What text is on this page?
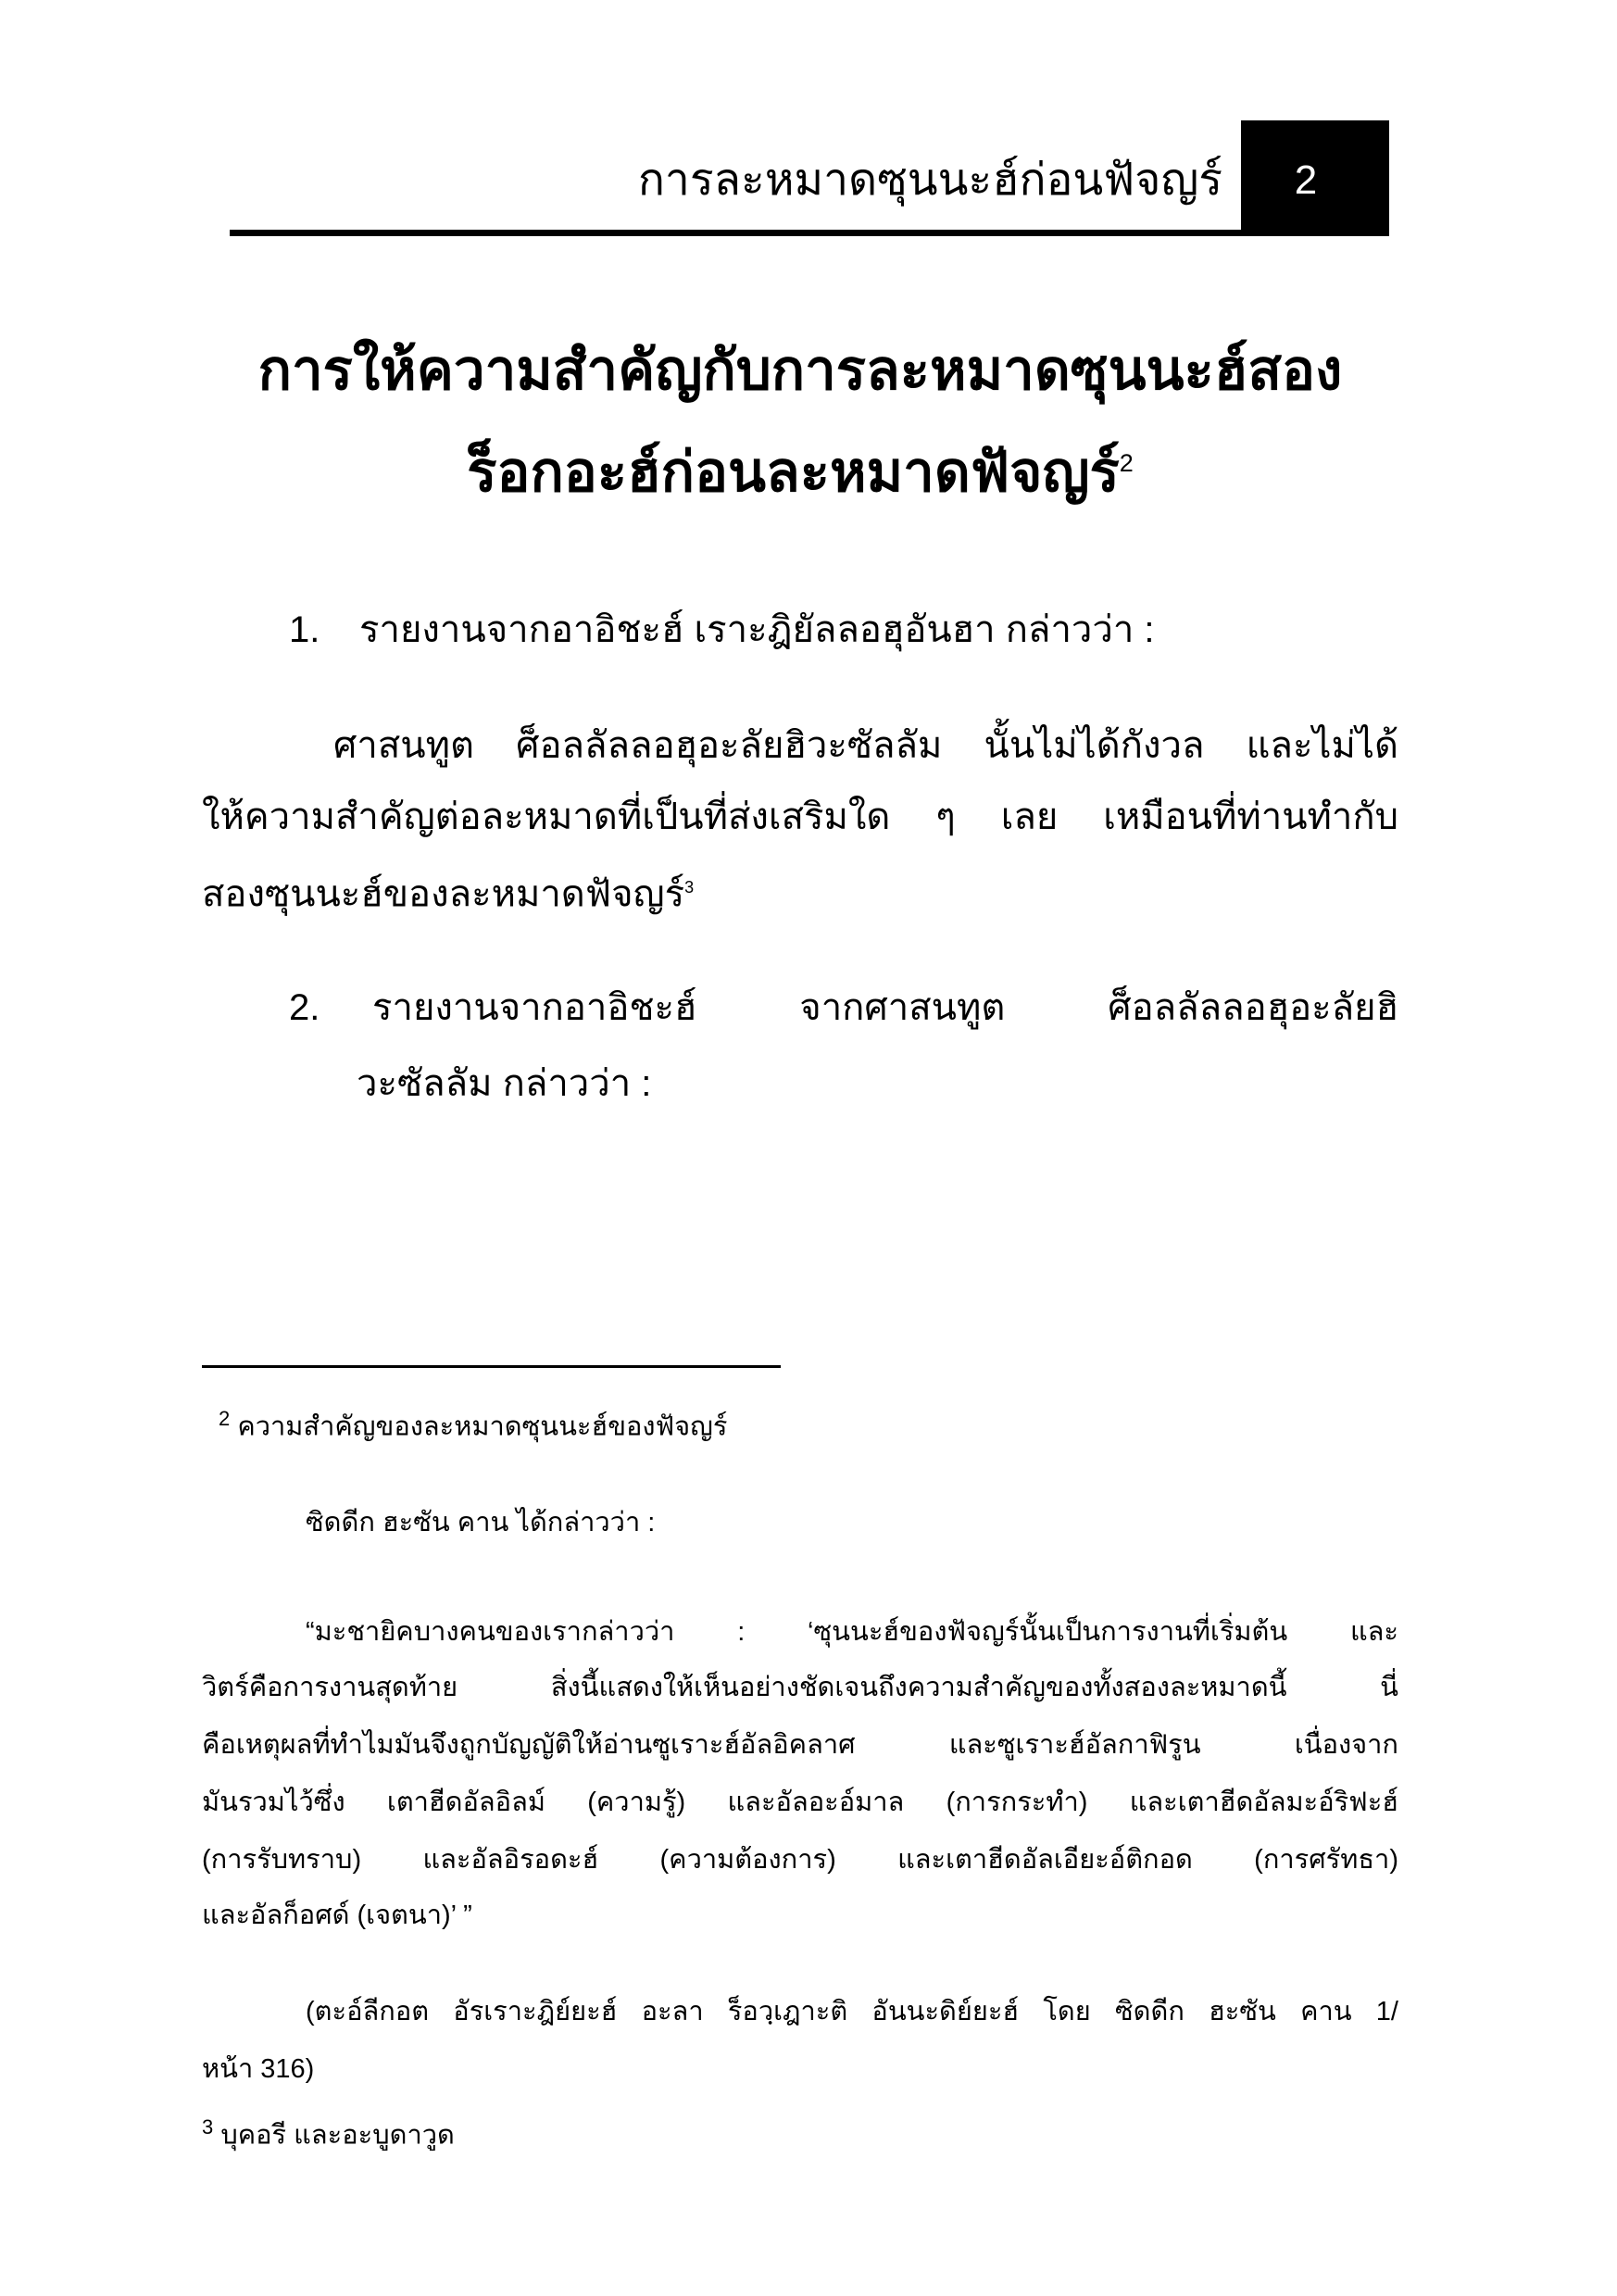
การละหมาดซุนนะฮ์ก่อนฟัจญร์	2
การให้ความสำคัญกับการละหมาดซุนนะฮ์สอง
ร็อกอะฮ์ก่อนละหมาดฟัจญร์$^2$
1. รายงานจากอาอิชะฮ์ เราะฎิยัลลอฮุอันฮา กล่าวว่า :
ศาสนทูต ศ็อลลัลลอฮุอะลัยฮิวะซัลลัม นั้นไม่ได้กังวล และไม่ได้
ให้ความสำคัญต่อละหมาดที่เป็นที่ส่งเสริมใด ๆ เลย เหมือนที่ท่านทำกับ
สองซุนนะฮ์ของละหมาดฟัจญร์$^3$
2. รายงานจากอาอิชะฮ์ จากศาสนทูต ศ็อลลัลลอฮุอะลัยฮิ
วะซัลลัม กล่าวว่า :
$^2$ ความสำคัญของละหมาดซุนนะฮ์ของฟัจญร์
ซิดดีก ฮะซัน คาน ได้กล่าวว่า :
“มะชายิคบางคนของเรากล่าวว่า : ‘ซุนนะฮ์ของฟัจญร์นั้นเป็นการงานที่เริ่มต้น และ
วิตร์คือการงานสุดท้าย สิ่งนี้แสดงให้เห็นอย่างชัดเจนถึงความสำคัญของทั้งสองละหมาดนี้ นี่
คือเหตุผลที่ทำไมมันจึงถูกบัญญัติให้อ่านซูเราะฮ์อัลอิคลาศ และซูเราะฮ์อัลกาฟิรูน เนื่องจาก
มันรวมไว้ซึ่ง เตาฮีดอัลอิลม์ (ความรู้) และอัลอะอ์มาล (การกระทำ) และเตาฮีดอัลมะอ์ริฟะฮ์
(การรับทราบ) และอัลอิรอดะฮ์ (ความต้องการ) และเตาฮีดอัลเอียะอ์ติกอด (การศรัทธา)
และอัลก็อศด์ (เจตนา)’ ”
(ตะอ์ลีกอต อัรเราะฎิย์ยะฮ์ อะลา ร็อวฺเฎาะติ อันนะดิย์ยะฮ์ โดย ซิดดีก ฮะซัน คาน 1/
หน้า 316)
$^3$ บุคอรี และอะบูดาวูด
